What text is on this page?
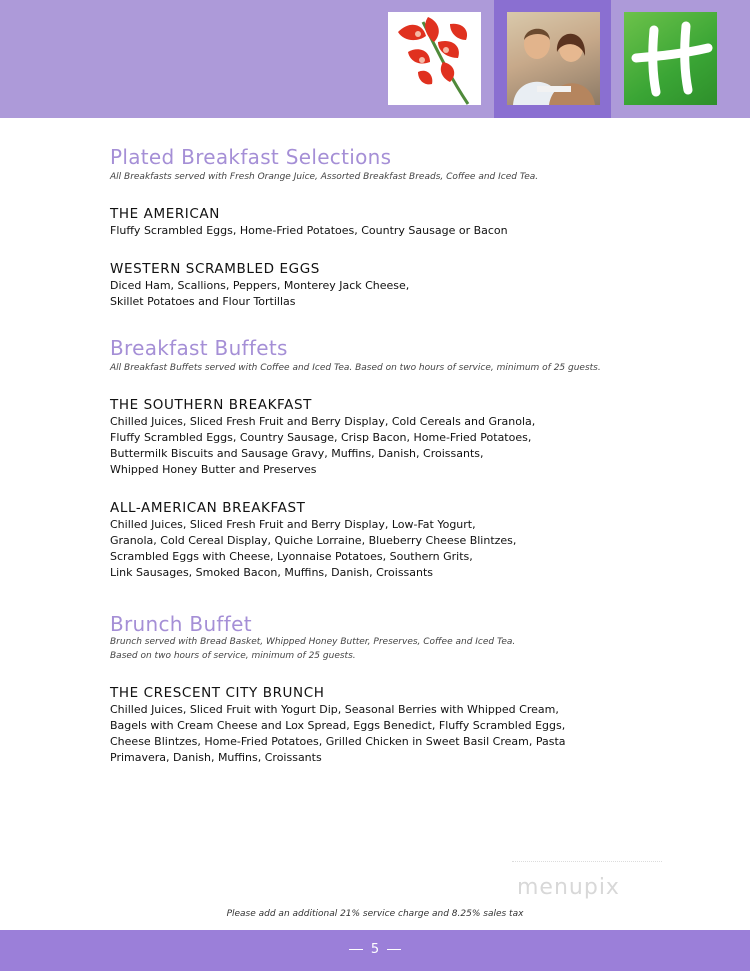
Plated Breakfast Selections
All Breakfasts served with Fresh Orange Juice, Assorted Breakfast Breads, Coffee and Iced Tea.
THE AMERICAN
Fluffy Scrambled Eggs, Home-Fried Potatoes, Country Sausage or Bacon
WESTERN SCRAMBLED EGGS
Diced Ham, Scallions, Peppers, Monterey Jack Cheese,
Skillet Potatoes and Flour Tortillas
Breakfast Buffets
All Breakfast Buffets served with Coffee and Iced Tea. Based on two hours of service, minimum of 25 guests.
THE SOUTHERN BREAKFAST
Chilled Juices, Sliced Fresh Fruit and Berry Display, Cold Cereals and Granola,
Fluffy Scrambled Eggs, Country Sausage, Crisp Bacon, Home-Fried Potatoes,
Buttermilk Biscuits and Sausage Gravy, Muffins, Danish, Croissants,
Whipped Honey Butter and Preserves
ALL-AMERICAN BREAKFAST
Chilled Juices, Sliced Fresh Fruit and Berry Display, Low-Fat Yogurt,
Granola, Cold Cereal Display, Quiche Lorraine, Blueberry Cheese Blintzes,
Scrambled Eggs with Cheese, Lyonnaise Potatoes, Southern Grits,
Link Sausages, Smoked Bacon, Muffins, Danish, Croissants
Brunch Buffet
Brunch served with Bread Basket, Whipped Honey Butter, Preserves, Coffee and Iced Tea.
Based on two hours of service, minimum of 25 guests.
THE CRESCENT CITY BRUNCH
Chilled Juices, Sliced Fruit with Yogurt Dip, Seasonal Berries with Whipped Cream,
Bagels with Cream Cheese and Lox Spread, Eggs Benedict, Fluffy Scrambled Eggs,
Cheese Blintzes, Home-Fried Potatoes, Grilled Chicken in Sweet Basil Cream, Pasta
Primavera, Danish, Muffins, Croissants
menupix
Please add an additional 21% service charge and 8.25% sales tax
5
